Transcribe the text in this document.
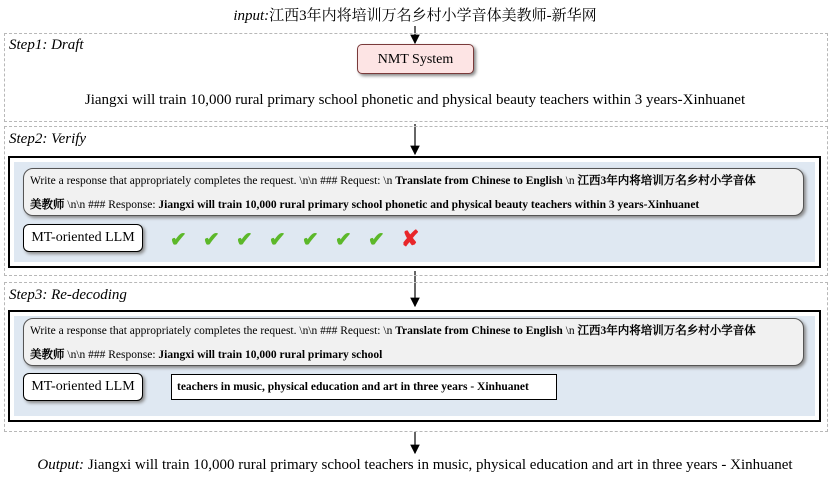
input:江西3年内将培训万名乡村小学音体美教师-新华网
Step1: Draft
NMT System
Jiangxi will train 10,000 rural primary school phonetic and physical beauty teachers within 3 years-Xinhuanet
Step2: Verify
Write a response that appropriately completes the request. \n\n ### Request: \n Translate from Chinese to English \n 江西3年内将培训万名乡村小学音体
美教师 \n\n ### Response: Jiangxi will train 10,000 rural primary school phonetic and physical beauty teachers within 3 years-Xinhuanet
MT-oriented LLM	✔ ✔ ✔ ✔ ✔ ✔ ✔ ✘
Step3: Re-decoding
Write a response that appropriately completes the request. \n\n ### Request: \n Translate from Chinese to English \n 江西3年内将培训万名乡村小学音体
美教师 \n\n ### Response: Jiangxi will train 10,000 rural primary school
MT-oriented LLM	teachers in music, physical education and art in three years - Xinhuanet
Output: Jiangxi will train 10,000 rural primary school teachers in music, physical education and art in three years - Xinhuanet
